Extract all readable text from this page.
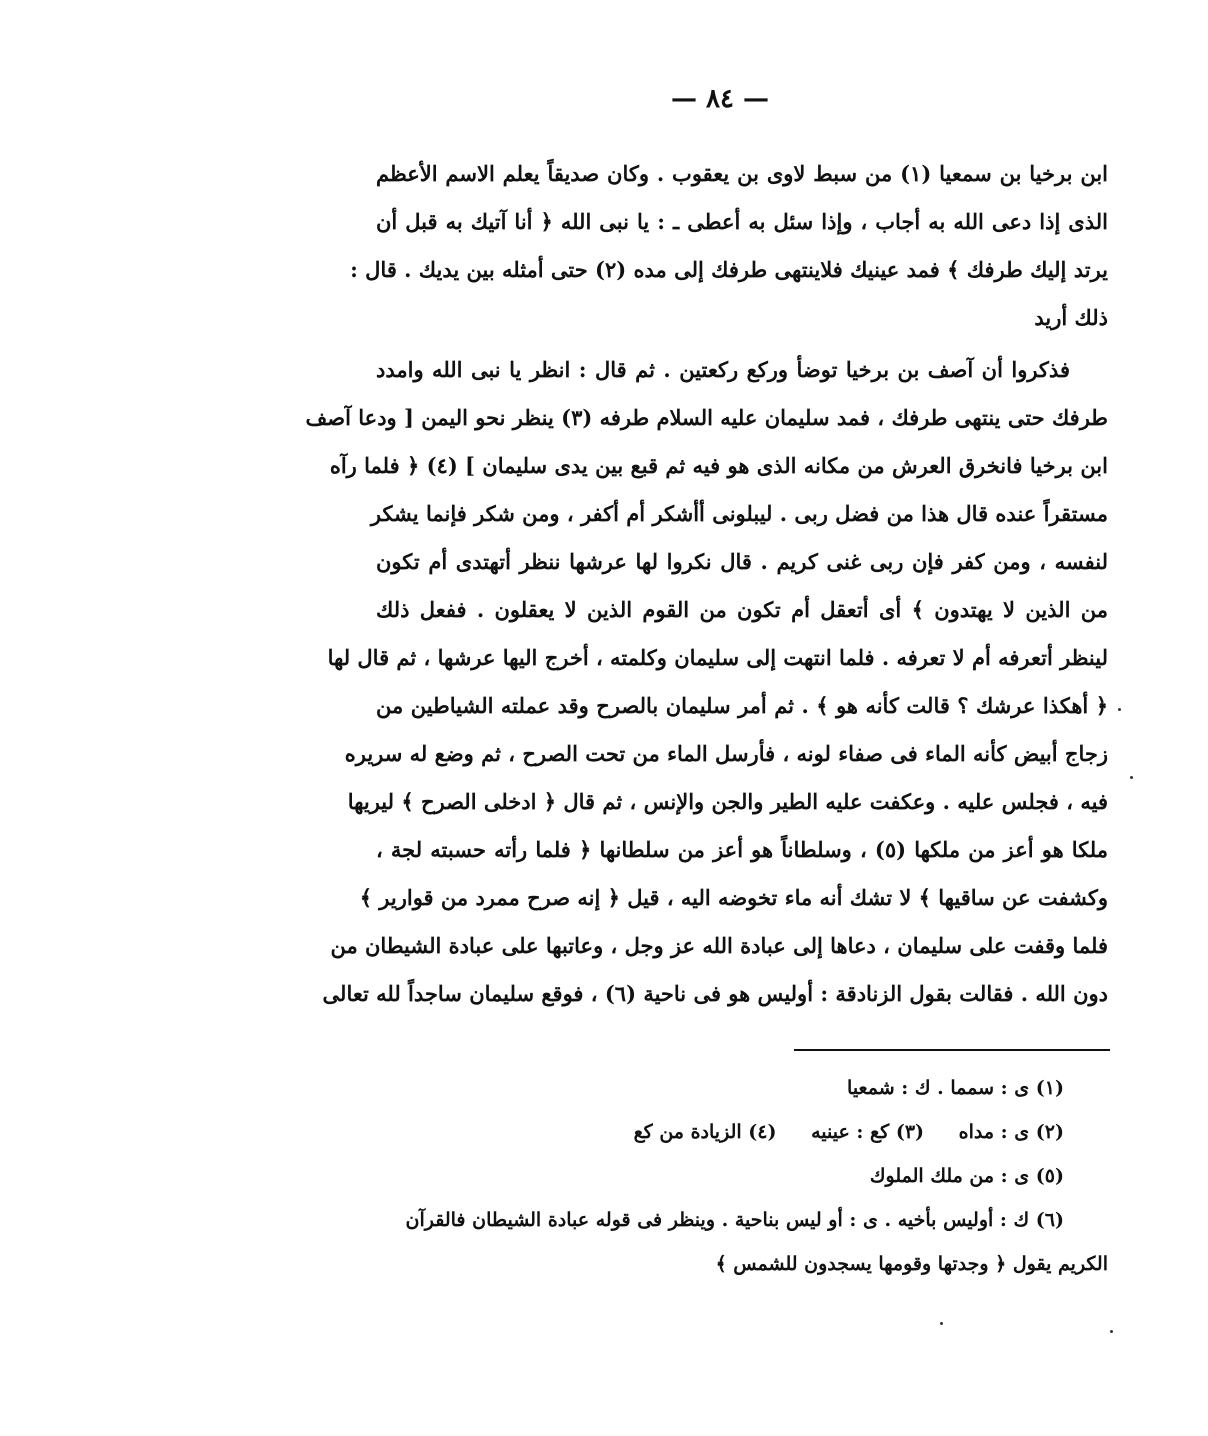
— ٨٤ —
ابن برخيا بن سمعيا (١) من سبط لاوى بن يعقوب . وكان صديقاً يعلم الاسم الأعظم
الذى إذا دعى الله به أجاب ، وإذا سئل به أعطى ـ : يا نبى الله ﴿ أنا آتيك به قبل أن
يرتد إليك طرفك ﴾ فمد عينيك فلاينتهى طرفك إلى مده (٢) حتى أمثله بين يديك . قال :
ذلك أريد
فذكروا أن آصف بن برخيا توضأ وركع ركعتين . ثم قال : انظر يا نبى الله وامدد
طرفك حتى ينتهى طرفك ، فمد سليمان عليه السلام طرفه (٣) ينظر نحو اليمن [ ودعا آصف
ابن برخيا فانخرق العرش من مكانه الذى هو فيه ثم قبع بين يدى سليمان ] (٤) ﴿ فلما رآه
مستقراً عنده قال هذا من فضل ربى . ليبلونى أأشكر أم أكفر ، ومن شكر فإنما يشكر
لنفسه ، ومن كفر فإن ربى غنى كريم . قال نكروا لها عرشها ننظر أتهتدى أم تكون
من الذين لا يهتدون ﴾ أى أتعقل أم تكون من القوم الذين لا يعقلون . ففعل ذلك
لينظر أتعرفه أم لا تعرفه . فلما انتهت إلى سليمان وكلمته ، أخرج اليها عرشها ، ثم قال لها
﴿ أهكذا عرشك ؟ قالت كأنه هو ﴾ . ثم أمر سليمان بالصرح وقد عملته الشياطين من
زجاج أبيض كأنه الماء فى صفاء لونه ، فأرسل الماء من تحت الصرح ، ثم وضع له سريره
فيه ، فجلس عليه . وعكفت عليه الطير والجن والإنس ، ثم قال ﴿ ادخلى الصرح ﴾ ليريها
ملكا هو أعز من ملكها (٥) ، وسلطاناً هو أعز من سلطانها ﴿ فلما رأته حسبته لجة ،
وكشفت عن ساقيها ﴾ لا تشك أنه ماء تخوضه اليه ، قيل ﴿ إنه صرح ممرد من قوارير ﴾
فلما وقفت على سليمان ، دعاها إلى عبادة الله عز وجل ، وعاتبها على عبادة الشيطان من
دون الله . فقالت بقول الزنادقة : أوليس هو فى ناحية (٦) ، فوقع سليمان ساجداً لله تعالى
(١) ى : سمما . ك : شمعيا
(٢) ى : مداه (٣) كع : عينيه (٤) الزيادة من كع
(٥) ى : من ملك الملوك
(٦) ك : أوليس بأخيه . ى : أو ليس بناحية . وينظر فى قوله عبادة الشيطان فالقرآن
الكريم يقول ﴿ وجدتها وقومها يسجدون للشمس ﴾
